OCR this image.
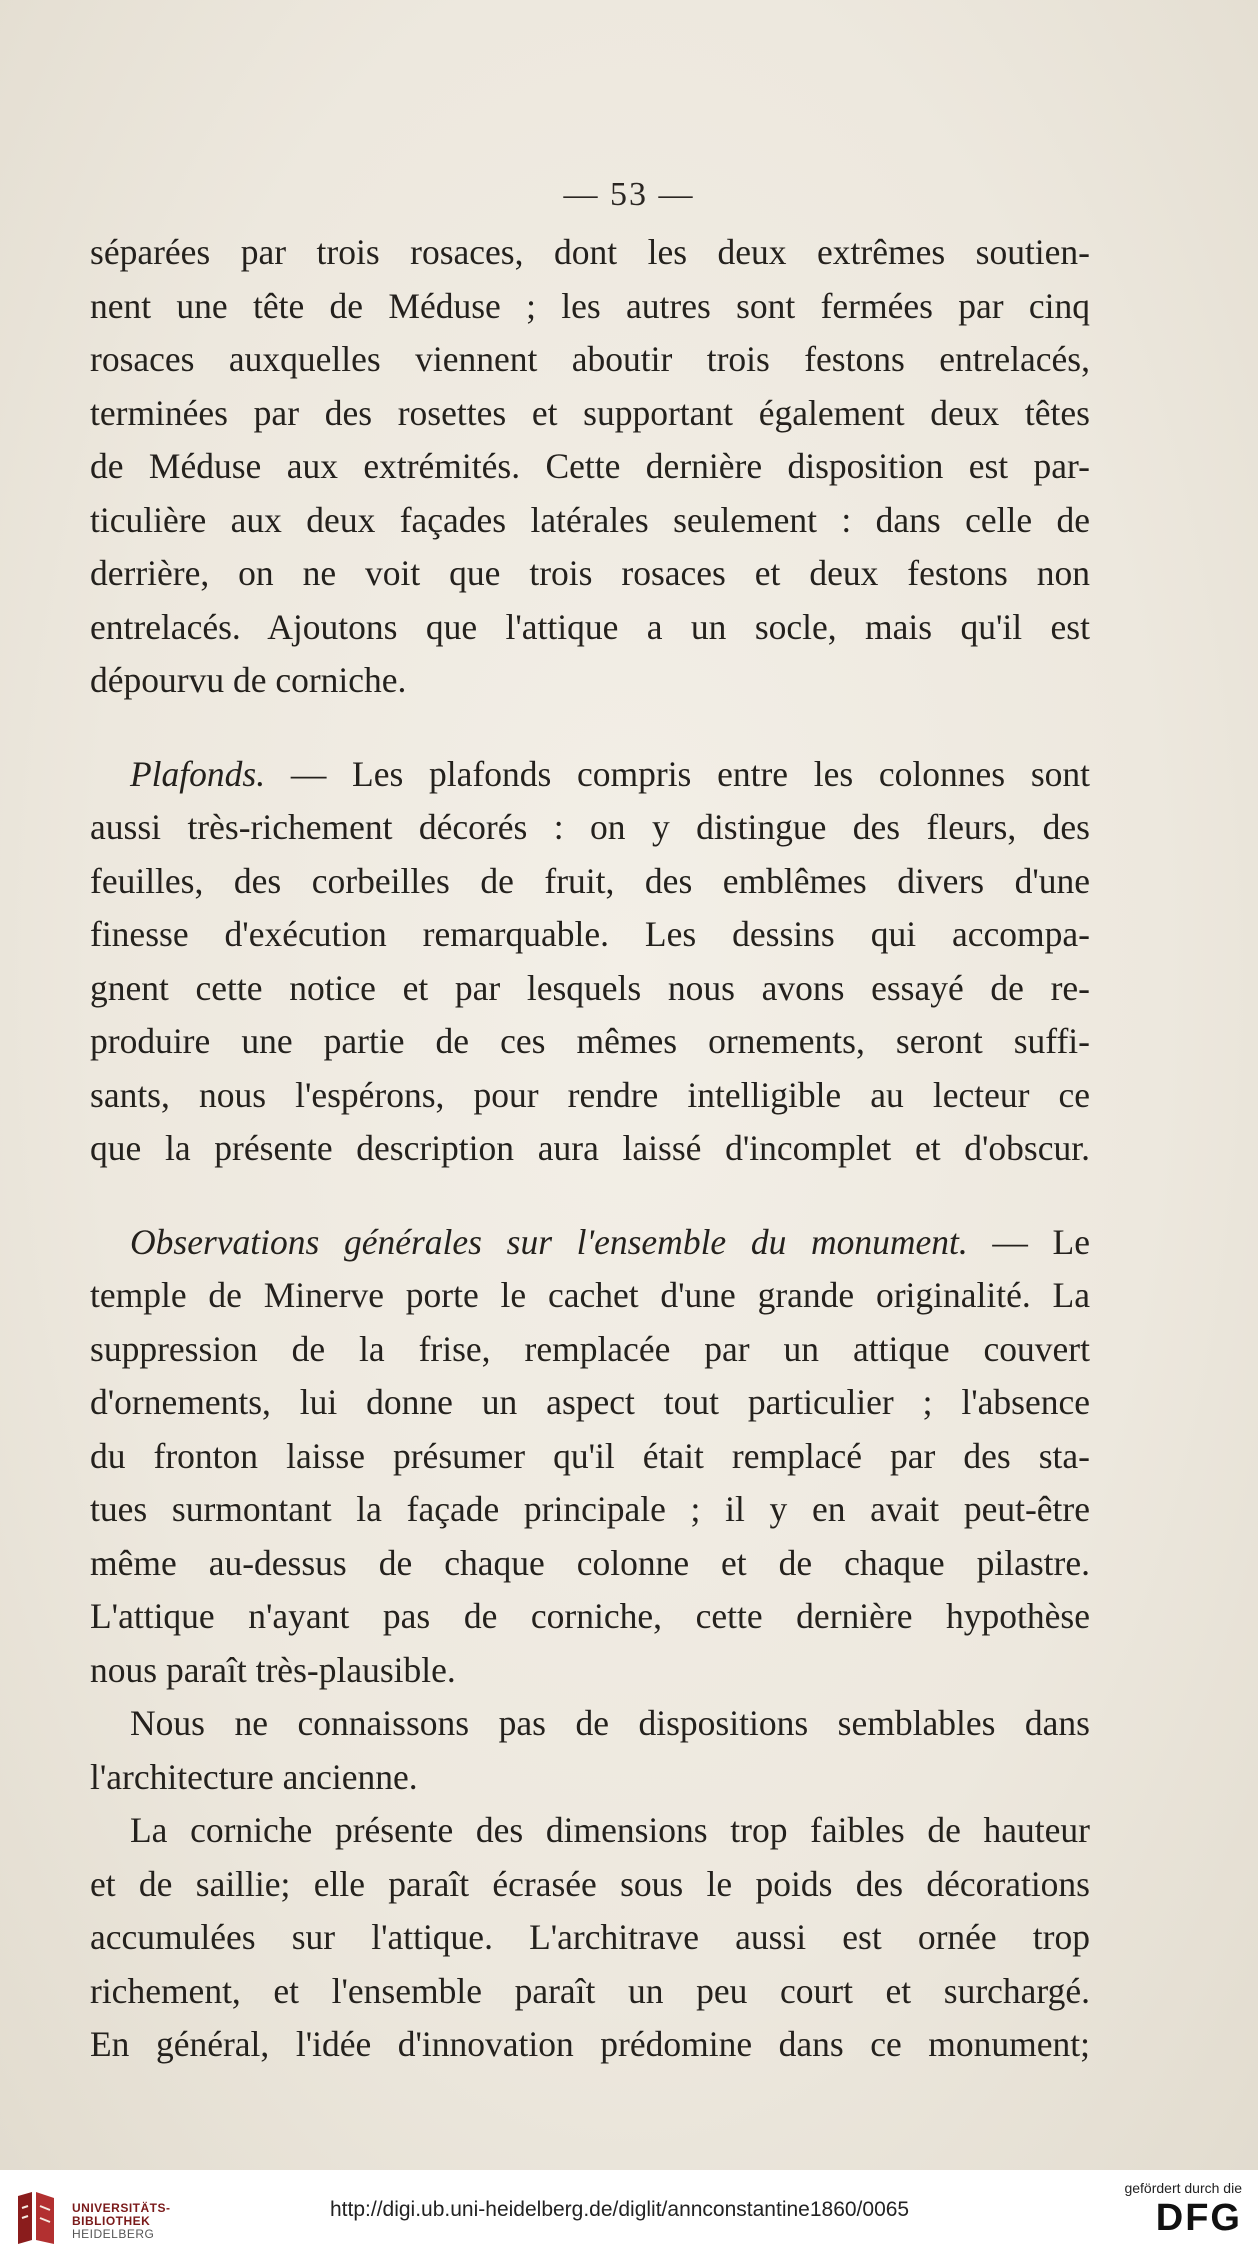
— 53 —
séparées par trois rosaces, dont les deux extrêmes soutien-
nent une tête de Méduse ; les autres sont fermées par cinq
rosaces auxquelles viennent aboutir trois festons entrelacés,
terminées par des rosettes et supportant également deux têtes
de Méduse aux extrémités. Cette dernière disposition est par-
ticulière aux deux façades latérales seulement : dans celle de
derrière, on ne voit que trois rosaces et deux festons non
entrelacés. Ajoutons que l'attique a un socle, mais qu'il est
dépourvu de corniche.
Plafonds. — Les plafonds compris entre les colonnes sont
aussi très-richement décorés : on y distingue des fleurs, des
feuilles, des corbeilles de fruit, des emblêmes divers d'une
finesse d'exécution remarquable. Les dessins qui accompa-
gnent cette notice et par lesquels nous avons essayé de re-
produire une partie de ces mêmes ornements, seront suffi-
sants, nous l'espérons, pour rendre intelligible au lecteur ce
que la présente description aura laissé d'incomplet et d'obscur.
Observations générales sur l'ensemble du monument. — Le
temple de Minerve porte le cachet d'une grande originalité. La
suppression de la frise, remplacée par un attique couvert
d'ornements, lui donne un aspect tout particulier ; l'absence
du fronton laisse présumer qu'il était remplacé par des sta-
tues surmontant la façade principale ; il y en avait peut-être
même au-dessus de chaque colonne et de chaque pilastre.
L'attique n'ayant pas de corniche, cette dernière hypothèse
nous paraît très-plausible.
Nous ne connaissons pas de dispositions semblables dans
l'architecture ancienne.
La corniche présente des dimensions trop faibles de hauteur
et de saillie; elle paraît écrasée sous le poids des décorations
accumulées sur l'attique. L'architrave aussi est ornée trop
richement, et l'ensemble paraît un peu court et surchargé.
En général, l'idée d'innovation prédomine dans ce monument;
UNIVERSITÄTS-
BIBLIOTHEK
HEIDELBERG
http://digi.ub.uni-heidelberg.de/diglit/annconstantine1860/0065
gefördert durch die
DFG
